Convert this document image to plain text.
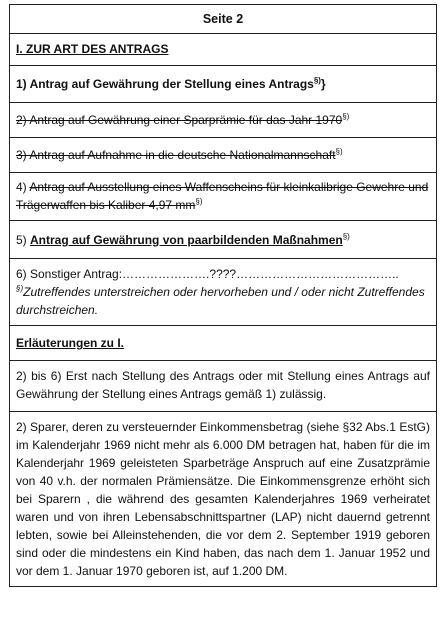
Seite 2
I. ZUR ART DES ANTRAGS
1) Antrag auf Gewährung der Stellung eines Antrags§)}
2) Antrag auf Gewährung einer Sparprämie für das Jahr 1970§)
3) Antrag auf Aufnahme in die deutsche Nationalmannschaft§)
4) Antrag auf Ausstellung eines Waffenscheins für kleinkalibrige Gewehre und Trägerwaffen bis Kaliber 4,97 mm§)
5) Antrag auf Gewährung von paarbildenden Maßnahmen§)
6) Sonstiger Antrag:………………….????…………………………………..
§)Zutreffendes unterstreichen oder hervorheben und / oder nicht Zutreffendes durchstreichen.
Erläuterungen zu I.
2) bis 6) Erst nach Stellung des Antrags oder mit Stellung eines Antrags auf Gewährung der Stellung eines Antrags gemäß 1) zulässig.
2) Sparer, deren zu versteuernder Einkommensbetrag (siehe §32 Abs.1 EstG) im Kalenderjahr 1969 nicht mehr als 6.000 DM betragen hat, haben für die im Kalenderjahr 1969 geleisteten Sparbeträge Anspruch auf eine Zusatzprämie von 40 v.h. der normalen Prämiensätze. Die Einkommensgrenze erhöht sich bei Sparern , die während des gesamten Kalenderjahres 1969 verheiratet waren und von ihren Lebensabschnittspartner (LAP) nicht dauernd getrennt lebten, sowie bei Alleinstehenden, die vor dem 2. September 1919 geboren sind oder die mindestens ein Kind haben, das nach dem 1. Januar 1952 und vor dem 1. Januar 1970 geboren ist, auf 1.200 DM.
